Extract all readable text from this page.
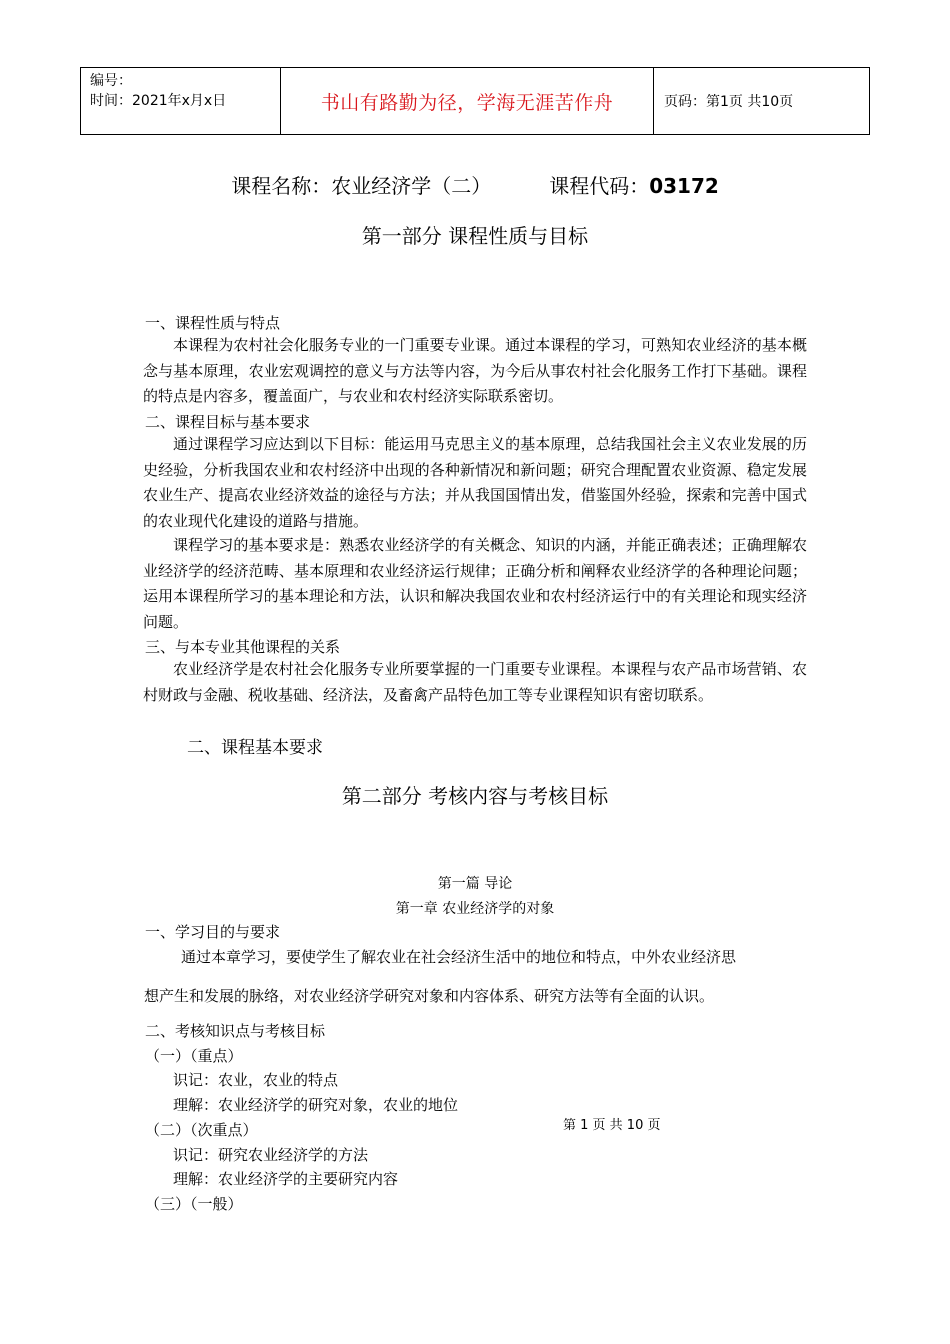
编号：
时间：2021年x月x日	书山有路勤为径，学海无涯苦作舟	页码：第1页 共10页
课程名称：农业经济学（二）	课程代码：03172
第一部分 课程性质与目标
一、课程性质与特点
本课程为农村社会化服务专业的一门重要专业课。通过本课程的学习，可熟知农业经济的基本概念与基本原理，农业宏观调控的意义与方法等内容，为今后从事农村社会化服务工作打下基础。课程的特点是内容多，覆盖面广，与农业和农村经济实际联系密切。
二、课程目标与基本要求
通过课程学习应达到以下目标：能运用马克思主义的基本原理，总结我国社会主义农业发展的历史经验，分析我国农业和农村经济中出现的各种新情况和新问题；研究合理配置农业资源、稳定发展农业生产、提高农业经济效益的途径与方法；并从我国国情出发，借鉴国外经验，探索和完善中国式的农业现代化建设的道路与措施。
课程学习的基本要求是：熟悉农业经济学的有关概念、知识的内涵，并能正确表述；正确理解农业经济学的经济范畴、基本原理和农业经济运行规律；正确分析和阐释农业经济学的各种理论问题；运用本课程所学习的基本理论和方法，认识和解决我国农业和农村经济运行中的有关理论和现实经济问题。
三、与本专业其他课程的关系
农业经济学是农村社会化服务专业所要掌握的一门重要专业课程。本课程与农产品市场营销、农村财政与金融、税收基础、经济法，及畜禽产品特色加工等专业课程知识有密切联系。
二、课程基本要求
第二部分 考核内容与考核目标
第一篇 导论
第一章 农业经济学的对象
一、学习目的与要求
通过本章学习，要使学生了解农业在社会经济生活中的地位和特点，中外农业经济思
想产生和发展的脉络，对农业经济学研究对象和内容体系、研究方法等有全面的认识。
二、考核知识点与考核目标
（一）（重点）
识记：农业，农业的特点
理解：农业经济学的研究对象，农业的地位
（二）（次重点）
识记：研究农业经济学的方法
理解：农业经济学的主要研究内容
（三）（一般）
第 1 页 共 10 页
